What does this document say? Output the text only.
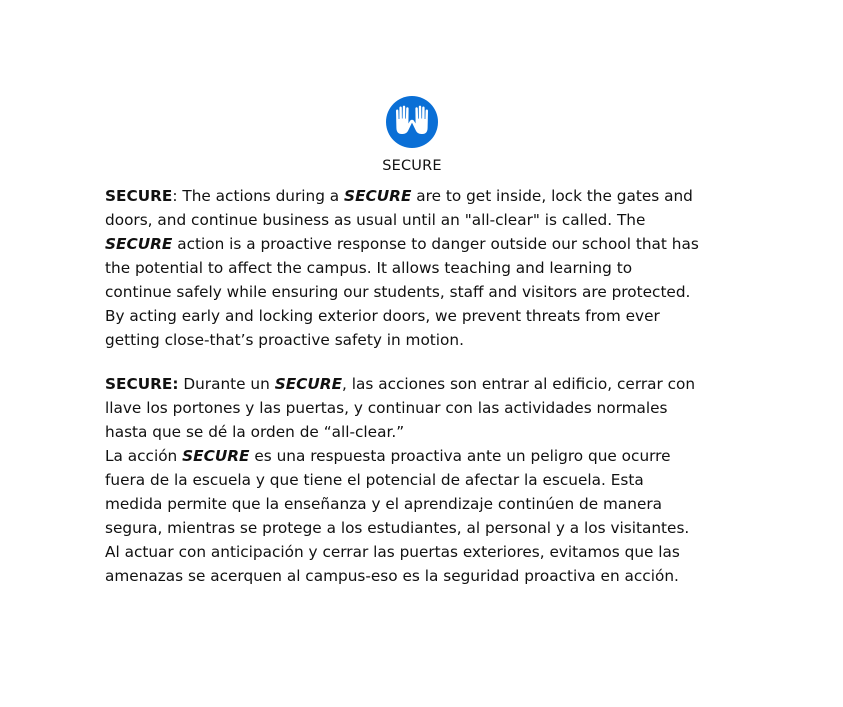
SECURE

SECURE: The actions during a SECURE are to get inside, lock the gates and
doors, and continue business as usual until an "all-clear" is called. The
SECURE action is a proactive response to danger outside our school that has
the potential to affect the campus. It allows teaching and learning to
continue safely while ensuring our students, staff and visitors are protected.
By acting early and locking exterior doors, we prevent threats from ever
getting close-that’s proactive safety in motion.

SECURE: Durante un SECURE, las acciones son entrar al edificio, cerrar con
llave los portones y las puertas, y continuar con las actividades normales
hasta que se dé la orden de “all-clear.”
La acción SECURE es una respuesta proactiva ante un peligro que ocurre
fuera de la escuela y que tiene el potencial de afectar la escuela. Esta
medida permite que la enseñanza y el aprendizaje continúen de manera
segura, mientras se protege a los estudiantes, al personal y a los visitantes.
Al actuar con anticipación y cerrar las puertas exteriores, evitamos que las
amenazas se acerquen al campus-eso es la seguridad proactiva en acción.
